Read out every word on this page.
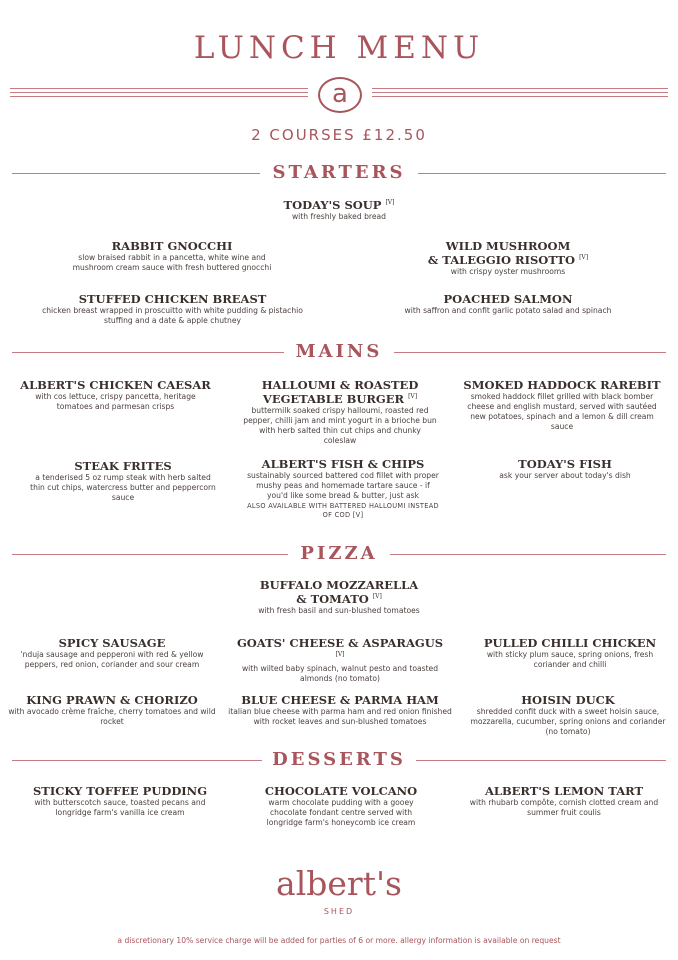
LUNCH MENU
a
2 COURSES £12.50
STARTERS
TODAY'S SOUP [V]
with freshly baked bread
RABBIT GNOCCHI
slow braised rabbit in a pancetta, white wine and mushroom cream sauce with fresh buttered gnocchi
WILD MUSHROOM
& TALEGGIO RISOTTO [V]
with crispy oyster mushrooms
STUFFED CHICKEN BREAST
chicken breast wrapped in proscuitto with white pudding & pistachio stuffing and a date & apple chutney
POACHED SALMON
with saffron and confit garlic potato salad and spinach
MAINS
ALBERT'S CHICKEN CAESAR
with cos lettuce, crispy pancetta, heritage tomatoes and parmesan crisps
HALLOUMI & ROASTED
VEGETABLE BURGER [V]
buttermilk soaked crispy halloumi, roasted red pepper, chilli jam and mint yogurt in a brioche bun with herb salted thin cut chips and chunky coleslaw
SMOKED HADDOCK RAREBIT
smoked haddock fillet grilled with black bomber cheese and english mustard, served with sautéed new potatoes, spinach and a lemon & dill cream sauce
STEAK FRITES
a tenderised 5 oz rump steak with herb salted thin cut chips, watercress butter and peppercorn sauce
ALBERT'S FISH & CHIPS
sustainably sourced battered cod fillet with proper mushy peas and homemade tartare sauce - if you'd like some bread & butter, just ask
ALSO AVAILABLE WITH BATTERED HALLOUMI INSTEAD OF COD [V]
TODAY'S FISH
ask your server about today's dish
PIZZA
BUFFALO MOZZARELLA
& TOMATO [V]
with fresh basil and sun-blushed tomatoes
SPICY SAUSAGE
'nduja sausage and pepperoni with red & yellow peppers, red onion, coriander and sour cream
GOATS' CHEESE & ASPARAGUS [V]
with wilted baby spinach, walnut pesto and toasted almonds (no tomato)
PULLED CHILLI CHICKEN
with sticky plum sauce, spring onions, fresh coriander and chilli
KING PRAWN & CHORIZO
with avocado crème fraîche, cherry tomatoes and wild rocket
BLUE CHEESE & PARMA HAM
italian blue cheese with parma ham and red onion finished with rocket leaves and sun-blushed tomatoes
HOISIN DUCK
shredded confit duck with a sweet hoisin sauce, mozzarella, cucumber, spring onions and coriander (no tomato)
DESSERTS
STICKY TOFFEE PUDDING
with butterscotch sauce, toasted pecans and longridge farm's vanilla ice cream
CHOCOLATE VOLCANO
warm chocolate pudding with a gooey chocolate fondant centre served with longridge farm's honeycomb ice cream
ALBERT'S LEMON TART
with rhubarb compôte, cornish clotted cream and summer fruit coulis
albert's
SHED
a discretionary 10% service charge will be added for parties of 6 or more. allergy information is available on request
